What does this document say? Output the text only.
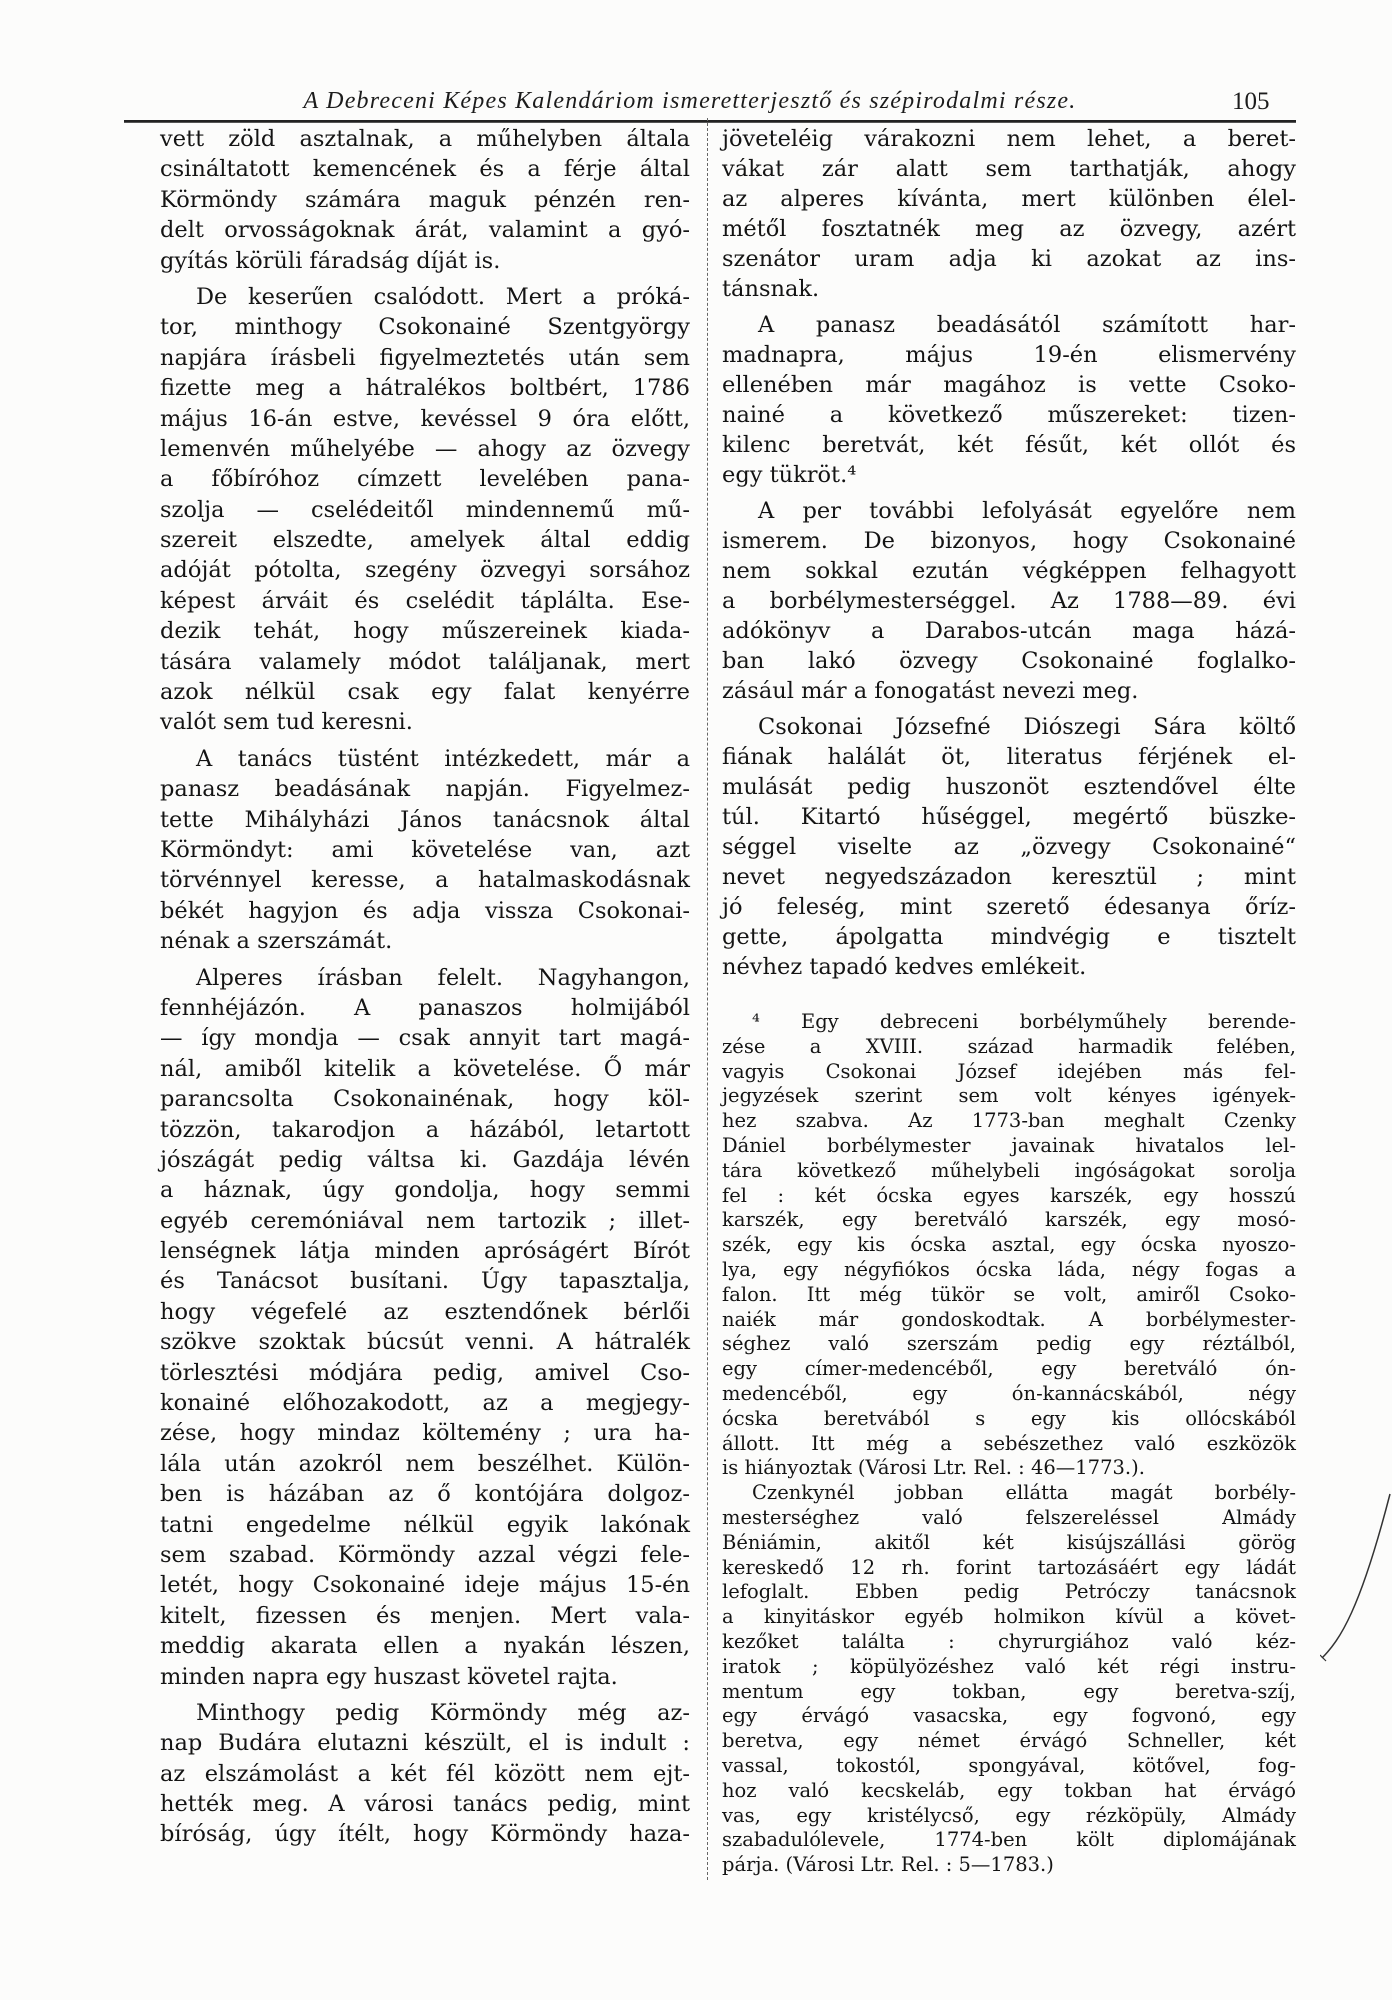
A Debreceni Képes Kalendáriom ismeretterjesztő és szépirodalmi része.	105
vett zöld asztalnak, a műhelyben általa
csináltatott kemencének és a férje által
Körmöndy számára maguk pénzén ren-
delt orvosságoknak árát, valamint a gyó-
gyítás körüli fáradság díját is.
De keserűen csalódott. Mert a próká-
tor, minthogy Csokonainé Szentgyörgy
napjára írásbeli figyelmeztetés után sem
fizette meg a hátralékos boltbért, 1786
május 16-án estve, kevéssel 9 óra előtt,
lemenvén műhelyébe — ahogy az özvegy
a főbíróhoz címzett levelében pana-
szolja — cselédeitől mindennemű mű-
szereit elszedte, amelyek által eddig
adóját pótolta, szegény özvegyi sorsához
képest árváit és cselédit táplálta. Ese-
dezik tehát, hogy műszereinek kiada-
tására valamely módot találjanak, mert
azok nélkül csak egy falat kenyérre
valót sem tud keresni.
A tanács tüstént intézkedett, már a
panasz beadásának napján. Figyelmez-
tette Mihályházi János tanácsnok által
Körmöndyt: ami követelése van, azt
törvénnyel keresse, a hatalmaskodásnak
békét hagyjon és adja vissza Csokonai-
nénak a szerszámát.
Alperes írásban felelt. Nagyhangon,
fennhéjázón. A panaszos holmijából
— így mondja — csak annyit tart magá-
nál, amiből kitelik a követelése. Ő már
parancsolta Csokonainénak, hogy köl-
tözzön, takarodjon a házából, letartott
jószágát pedig váltsa ki. Gazdája lévén
a háznak, úgy gondolja, hogy semmi
egyéb ceremóniával nem tartozik ; illet-
lenségnek látja minden apróságért Bírót
és Tanácsot busítani. Úgy tapasztalja,
hogy végefelé az esztendőnek bérlői
szökve szoktak búcsút venni. A hátralék
törlesztési módjára pedig, amivel Cso-
konainé előhozakodott, az a megjegy-
zése, hogy mindaz költemény ; ura ha-
lála után azokról nem beszélhet. Külön-
ben is házában az ő kontójára dolgoz-
tatni engedelme nélkül egyik lakónak
sem szabad. Körmöndy azzal végzi fele-
letét, hogy Csokonainé ideje május 15-én
kitelt, fizessen és menjen. Mert vala-
meddig akarata ellen a nyakán lészen,
minden napra egy huszast követel rajta.
Minthogy pedig Körmöndy még az-
nap Budára elutazni készült, el is indult :
az elszámolást a két fél között nem ejt-
hették meg. A városi tanács pedig, mint
bíróság, úgy ítélt, hogy Körmöndy haza-
jöveteléig várakozni nem lehet, a beret-
vákat zár alatt sem tarthatják, ahogy
az alperes kívánta, mert különben élel-
métől fosztatnék meg az özvegy, azért
szenátor uram adja ki azokat az ins-
tánsnak.
A panasz beadásától számított har-
madnapra, május 19-én elismervény
ellenében már magához is vette Csoko-
nainé a következő műszereket: tizen-
kilenc beretvát, két fésűt, két ollót és
egy tükröt.⁴
A per további lefolyását egyelőre nem
ismerem. De bizonyos, hogy Csokonainé
nem sokkal ezután végképpen felhagyott
a borbélymesterséggel. Az 1788—89. évi
adókönyv a Darabos-utcán maga házá-
ban lakó özvegy Csokonainé foglalko-
zásául már a fonogatást nevezi meg.
Csokonai Józsefné Diószegi Sára költő
fiának halálát öt, literatus férjének el-
mulását pedig huszonöt esztendővel élte
túl. Kitartó hűséggel, megértő büszke-
séggel viselte az „özvegy Csokonainé“
nevet negyedszázadon keresztül ; mint
jó feleség, mint szerető édesanya őríz-
gette, ápolgatta mindvégig e tisztelt
névhez tapadó kedves emlékeit.
⁴ Egy debreceni borbélyműhely berende-
zése a XVIII. század harmadik felében,
vagyis Csokonai József idejében más fel-
jegyzések szerint sem volt kényes igények-
hez szabva. Az 1773-ban meghalt Czenky
Dániel borbélymester javainak hivatalos lel-
tára következő műhelybeli ingóságokat sorolja
fel : két ócska egyes karszék, egy hosszú
karszék, egy beretváló karszék, egy mosó-
szék, egy kis ócska asztal, egy ócska nyoszo-
lya, egy négyfiókos ócska láda, négy fogas a
falon. Itt még tükör se volt, amiről Csoko-
naiék már gondoskodtak. A borbélymester-
séghez való szerszám pedig egy réztálból,
egy címer-medencéből, egy beretváló ón-
medencéből, egy ón-kannácskából, négy
ócska beretvából s egy kis ollócskából
állott. Itt még a sebészethez való eszközök
is hiányoztak (Városi Ltr. Rel. : 46—1773.).
Czenkynél jobban ellátta magát borbély-
mesterséghez való felszereléssel Almády
Béniámin, akitől két kisújszállási görög
kereskedő 12 rh. forint tartozásáért egy ládát
lefoglalt. Ebben pedig Petróczy tanácsnok
a kinyitáskor egyéb holmikon kívül a követ-
kezőket találta : chyrurgiához való kéz-
iratok ; köpülyözéshez való két régi instru-
mentum egy tokban, egy beretva-szíj,
egy érvágó vasacska, egy fogvonó, egy
beretva, egy német érvágó Schneller, két
vassal, tokostól, spongyával, kötővel, fog-
hoz való kecskeláb, egy tokban hat érvágó
vas, egy kristélycső, egy rézköpüly, Almády
szabadulólevele, 1774-ben költ diplomájának
párja. (Városi Ltr. Rel. : 5—1783.)
